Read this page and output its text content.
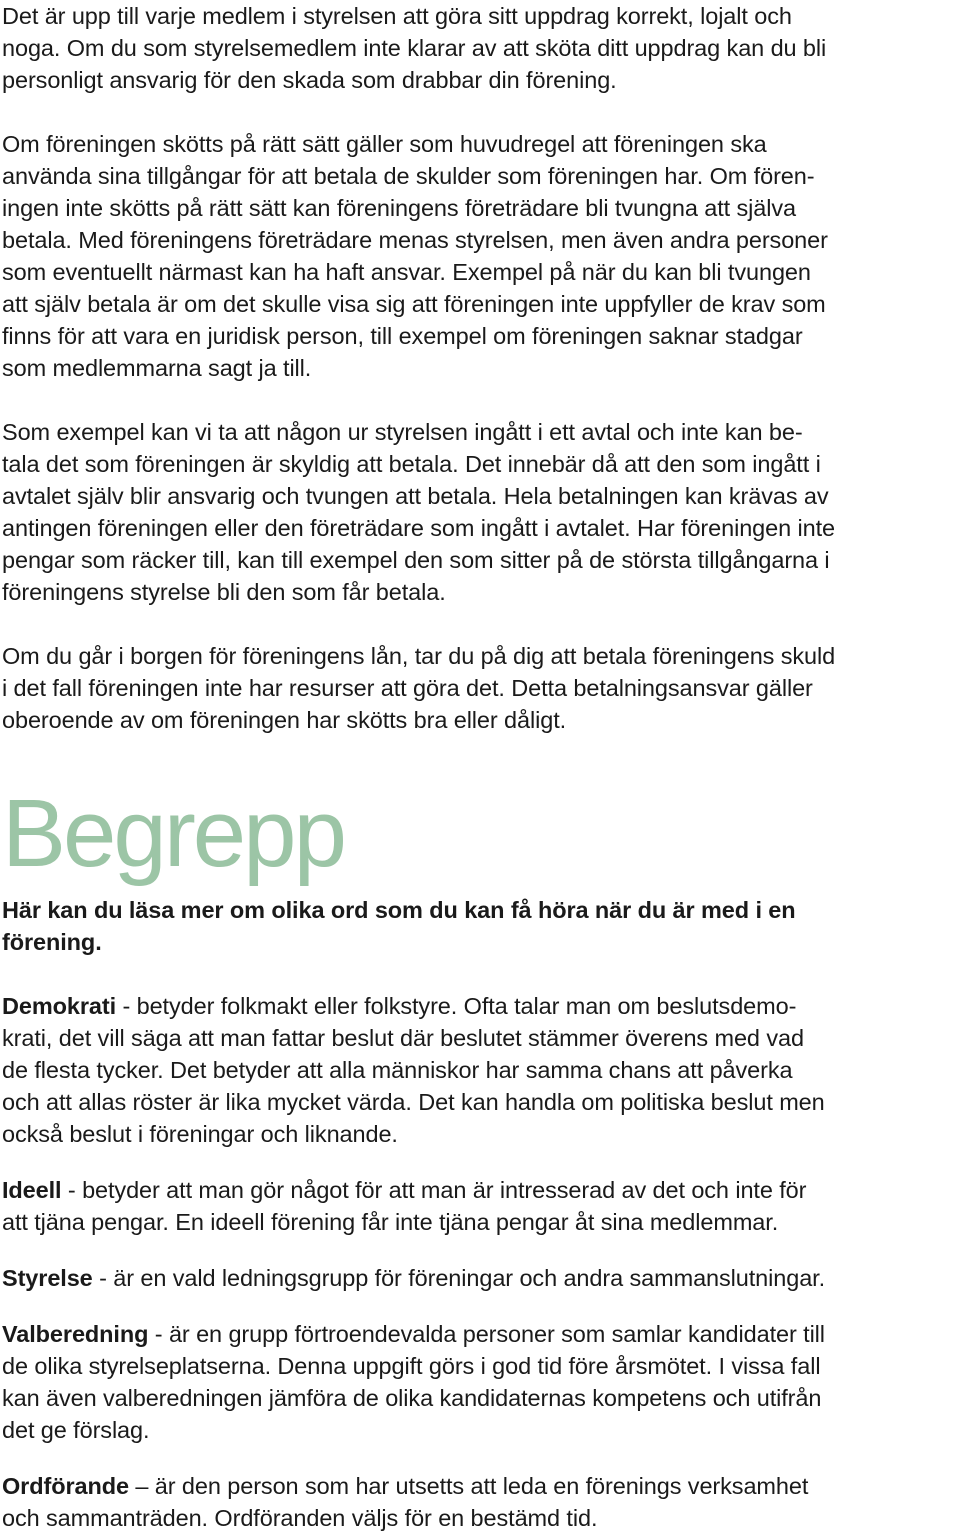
Det är upp till varje medlem i styrelsen att göra sitt uppdrag korrekt, lojalt och
noga. Om du som styrelsemedlem inte klarar av att sköta ditt uppdrag kan du bli
personligt ansvarig för den skada som drabbar din förening.
Om föreningen skötts på rätt sätt gäller som huvudregel att föreningen ska
använda sina tillgångar för att betala de skulder som föreningen har. Om fören-
ingen inte skötts på rätt sätt kan föreningens företrädare bli tvungna att själva
betala. Med föreningens företrädare menas styrelsen, men även andra personer
som eventuellt närmast kan ha haft ansvar. Exempel på när du kan bli tvungen
att själv betala är om det skulle visa sig att föreningen inte uppfyller de krav som
finns för att vara en juridisk person, till exempel om föreningen saknar stadgar
som medlemmarna sagt ja till.
Som exempel kan vi ta att någon ur styrelsen ingått i ett avtal och inte kan be-
tala det som föreningen är skyldig att betala. Det innebär då att den som ingått i
avtalet själv blir ansvarig och tvungen att betala. Hela betalningen kan krävas av
antingen föreningen eller den företrädare som ingått i avtalet. Har föreningen inte
pengar som räcker till, kan till exempel den som sitter på de största tillgångarna i
föreningens styrelse bli den som får betala.
Om du går i borgen för föreningens lån, tar du på dig att betala föreningens skuld
i det fall föreningen inte har resurser att göra det. Detta betalningsansvar gäller
oberoende av om föreningen har skötts bra eller dåligt.
Begrepp
Här kan du läsa mer om olika ord som du kan få höra när du är med i en
förening.
Demokrati - betyder folkmakt eller folkstyre. Ofta talar man om beslutsdemo-
krati, det vill säga att man fattar beslut där beslutet stämmer överens med vad
de flesta tycker. Det betyder att alla människor har samma chans att påverka
och att allas röster är lika mycket värda. Det kan handla om politiska beslut men
också beslut i föreningar och liknande.
Ideell - betyder att man gör något för att man är intresserad av det och inte för
att tjäna pengar. En ideell förening får inte tjäna pengar åt sina medlemmar.
Styrelse - är en vald ledningsgrupp för föreningar och andra sammanslutningar.
Valberedning - är en grupp förtroendevalda personer som samlar kandidater till
de olika styrelseplatserna. Denna uppgift görs i god tid före årsmötet. I vissa fall
kan även valberedningen jämföra de olika kandidaternas kompetens och utifrån
det ge förslag.
Ordförande – är den person som har utsetts att leda en förenings verksamhet
och sammanträden. Ordföranden väljs för en bestämd tid.
